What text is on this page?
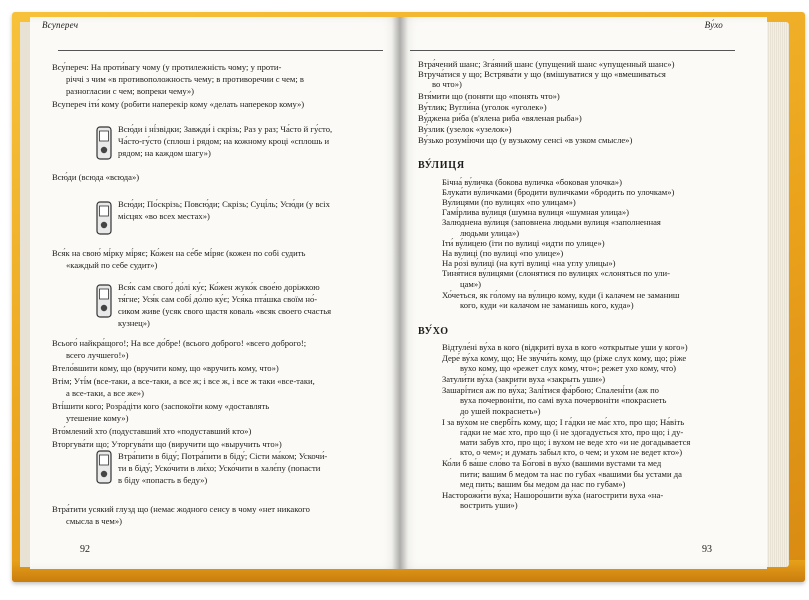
92	93
Всупереч	Ву́хо
Всу́переч: На проти́вагу чому (у протилежність чому; у проти-
річчі з чим «в противоположность чему; в противоречии с чем; в
разногласии с чем; вопреки чему»)
Всупереч іти́ кому (робити наперекір кому «делать наперекор кому»)
Всю́ди і ні́звідки; Завжди́ і скрізь; Раз у раз; Ча́сто й гу́сто,
Ча́сто-гу́сто (сплош і рядом; на кожному кроці «сплошь и
рядом; на каждом шагу»)
Всю́ди (всюда «всюда»)
Всю́ди; По́скрізь; Повсю́ди; Скрізь; Суці́ль; Усю́ди (у всіх
місцях «во всех местах»)
Вся́к на свою́ мі́рку мі́ряє; Ко́жен на се́бе мі́ряє (кожен по собі судить
«каждый по себе судит»)
Вся́к сам свого́ до́лі ку́є; Ко́жен жуко́к свое́ю доріжкою
тя́гне; Уся́к сам собі́ до́лю ку́є; Уся́ка пта́шка своїм но́-
сиком живе (усяк свого щастя коваль «всяк своего счастья
кузнец»)
Всього́ найкра́щого!; На все до́бре! (всього доброго! «всего доброго!;
всего лучшего!»)
Втело́вшити кому, що (вручити кому, що «вручить кому, что»)
Втім; Уті́м (все-таки, а все-таки, а все ж; і все ж, і все ж таки «все-таки,
а все-таки, а все же»)
Вті́шити кого; Розра́діти кого (заспокоїти кому «доставлять
утешение кому»)
Вто́млений хто (подуставший хто «подуставший кто»)
Вторгува́ти що; Уторгува́ти що (виручити що «выручить что»)
Втра́пити в біду́; Потра́пити в біду́; Сісти ма́ком; Ускочи́-
ти в біду́; Уско́чити в ли́хо; Уско́чити в халє́пу (попасти
в біду «попасть в беду»)
Втра́тити усякий глузд що (немає жодного сенсу в чому «нет никакого
смысла в чем»)
Втра́чений шанс; Зга́яний шанс (упущений шанс «упущенный шанс»)
Втруча́тися у що; Встрява́ти у що (вмішуватися у що «вмешиваться
во что»)
Втя́мити що (поняти що «понять что»)
Ву́тлик; Вугли́на (уголок «уголек»)
Ву́джена ри́ба (в'ялена риба «вяленая рыба»)
Ву́злик (узелок «узелок»)
Ву́зько розумі́ючи що (у вузькому сенсі «в узком смысле»)
ВУ́ЛИЦЯ
Бічна́ ву́личка (бокова вуличка «боковая улочка»)
Блука́ти ву́личками (бродити вуличками «бродить по улочкам»)
Ву́лицями (по вулицях «по улицам»)
Гамі́рлива ву́лиця (шумна вулиця «шумная улица»)
Залю́днена ву́лиця (заповнена людьми вулиця «заполненная
людьми улица»)
Іти́ ву́лицею (іти по вулиці «идти по улице»)
На ву́лиці (по вулиці «по улице»)
На ро́зі ву́лиці (на куті вулиці «на углу улицы»)
Тиня́тися ву́лицями (слонятися по вулицях «слоняться по ули-
цам»)
Хо́четься, як го́лому на ву́лицю кому, куди (і калачем не заманиш
кого, куди «и калачом не заманишь кого, куда»)
ВУ́ХО
Відтуле́ні ву́ха в кого (відкриті вуха в кого «открытые уши у кого»)
Дере́ ву́ха кому, що; Не зву́чи́ть кому, що (ріже слух кому, що; ріже
вухо кому, що «режет слух кому, что»; режет ухо кому, что)
Затули́ти ву́ха (закрити вуха «закрыть уши»)
Зашарі́тися аж по ву́ха; Залі́тися фа́рбою; Спалені́ти (аж по
вуха почервоніти, по самі вуха почервоніти «покраснеть
до ушей покраснеть»)
І за ву́хом не свербі́ть кому, що; І га́дки не ма́є хто, про що; На́віть
га́дки не ма́є хто, про що (і не здогадується хто, про що; і ду-
мати забув хто, про що; і вухом не веде хто «и не догадывается
кто, о чем»; и думать забыл кто, о чем; и ухом не ведет кто»)
Ко́ли б ва́ше сло́во та Бо́гові в ву́хо (вашими вустами та мед
пити; вашим б медом та нас по губах «вашими бы устами да
мед пить; вашим бы медом да нас по губам»)
Насторожи́ти ву́ха; Нашоро́шити ву́ха (нагострити вуха «на-
вострить уши»)
